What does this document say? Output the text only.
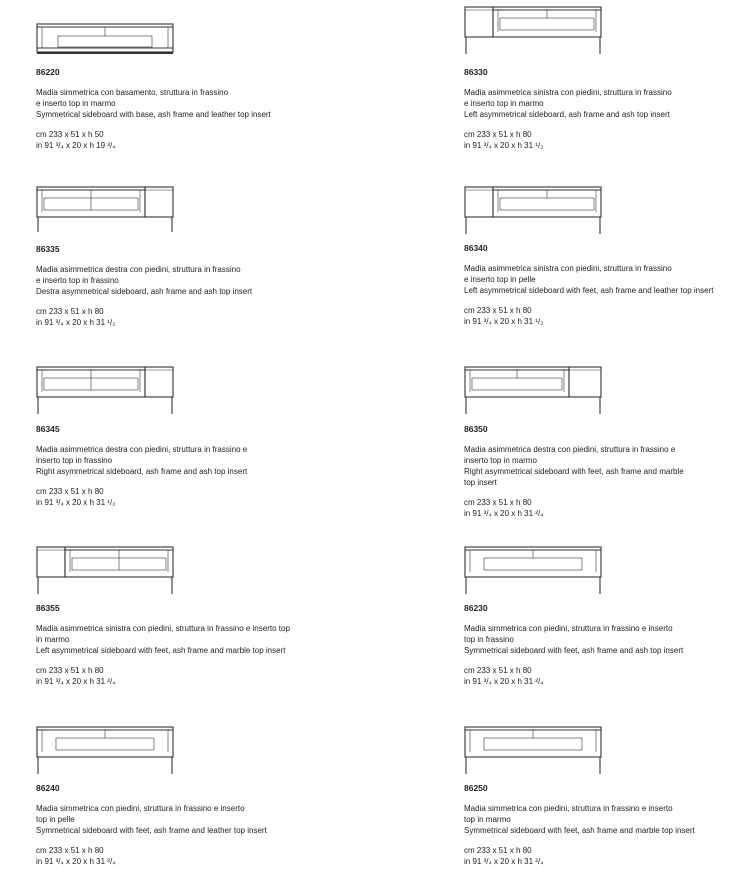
86220
Madia simmetrica con basamento, struttura in frassino
e inserto top in marmo
Symmetrical sideboard with base, ash frame and leather top insert
cm 233 x 51 x h 50
in 91 ³/₄ x 20 x h 19 ³/₄
86330
Madia asimmetrica sinistra con piedini, struttura in frassino
e inserto top in marmo
Left asymmetrical sideboard, ash frame and ash top insert
cm 233 x 51 x h 80
in 91 ³/₄ x 20 x h 31 ¹/₂
86335
Madia asimmetrica destra con piedini, struttura in frassino
e inserto top in frassino
Destra asymmetrical sideboard, ash frame and ash top insert
cm 233 x 51 x h 80
in 91 ³/₄ x 20 x h 31 ¹/₂
86340
Madia asimmetrica sinistra con piedini, struttura in frassino
e inserto top in pelle
Left asymmetrical sideboard with feet, ash frame and leather top insert
cm 233 x 51 x h 80
in 91 ³/₄ x 20 x h 31 ¹/₂
86345
Madia asimmetrica destra con piedini, struttura in frassino e
inserto top in frassino
Right asymmetrical sideboard, ash frame and ash top insert
cm 233 x 51 x h 80
in 91 ³/₄ x 20 x h 31 ¹/₂
86350
Madia asimmetrica destra con piedini, struttura in frassino e
inserto top in marmo
Right asymmetrical sideboard with feet, ash frame and marble
top insert
cm 233 x 51 x h 80
in 91 ³/₄ x 20 x h 31 ²/₄
86355
Madia asimmetrica sinistra con piedini, struttura in frassino e inserto top
in marmo
Left asymmetrical sideboard with feet, ash frame and marble top insert
cm 233 x 51 x h 80
in 91 ³/₄ x 20 x h 31 ²/₄
86230
Madia simmetrica con piedini, struttura in frassino e inserto
top in frassino
Symmetrical sideboard with feet, ash frame and ash top insert
cm 233 x 51 x h 80
in 91 ³/₄ x 20 x h 31 ²/₄
86240
Madia simmetrica con piedini, struttura in frassino e inserto
top in pelle
Symmetrical sideboard with feet, ash frame and leather top insert
cm 233 x 51 x h 80
in 91 ³/₄ x 20 x h 31 ²/₄
86250
Madia simmetrica con piedini, struttura in frassino e inserto
top in marmo
Symmetrical sideboard with feet, ash frame and marble top insert
cm 233 x 51 x h 80
in 91 ³/₄ x 20 x h 31 ²/₄
